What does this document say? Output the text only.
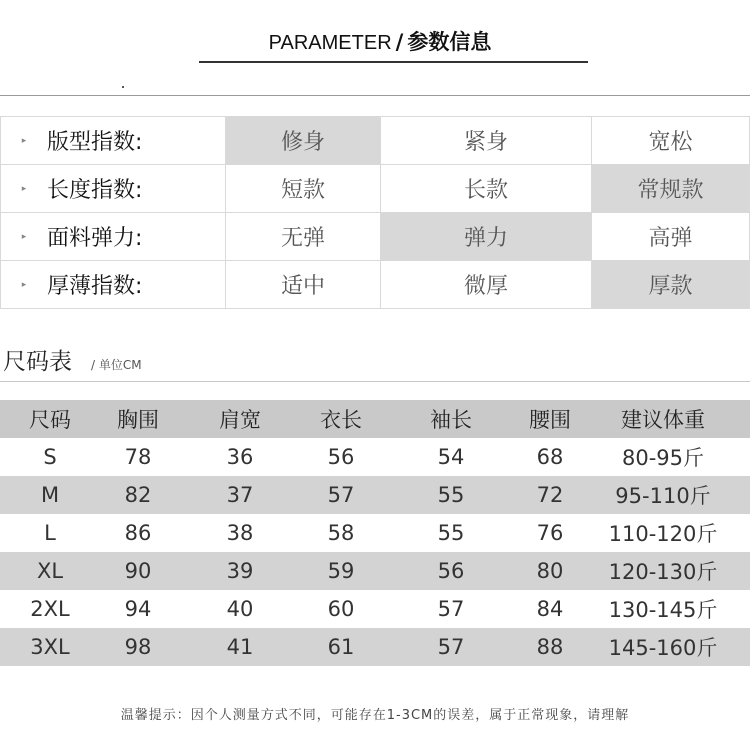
PARAMETER / 参数信息
▸ 版型指数:	修身	紧身	宽松
▸ 长度指数:	短款	长款	常规款
▸ 面料弹力:	无弹	弹力	高弹
▸ 厚薄指数:	适中	微厚	厚款
尺码表 / 单位CM
尺码	胸围	肩宽	衣长	袖长	腰围	建议体重
S	78	36	56	54	68	80-95斤
M	82	37	57	55	72	95-110斤
L	86	38	58	55	76	110-120斤
XL	90	39	59	56	80	120-130斤
2XL	94	40	60	57	84	130-145斤
3XL	98	41	61	57	88	145-160斤
温馨提示：因个人测量方式不同，可能存在1-3CM的误差，属于正常现象，请理解
